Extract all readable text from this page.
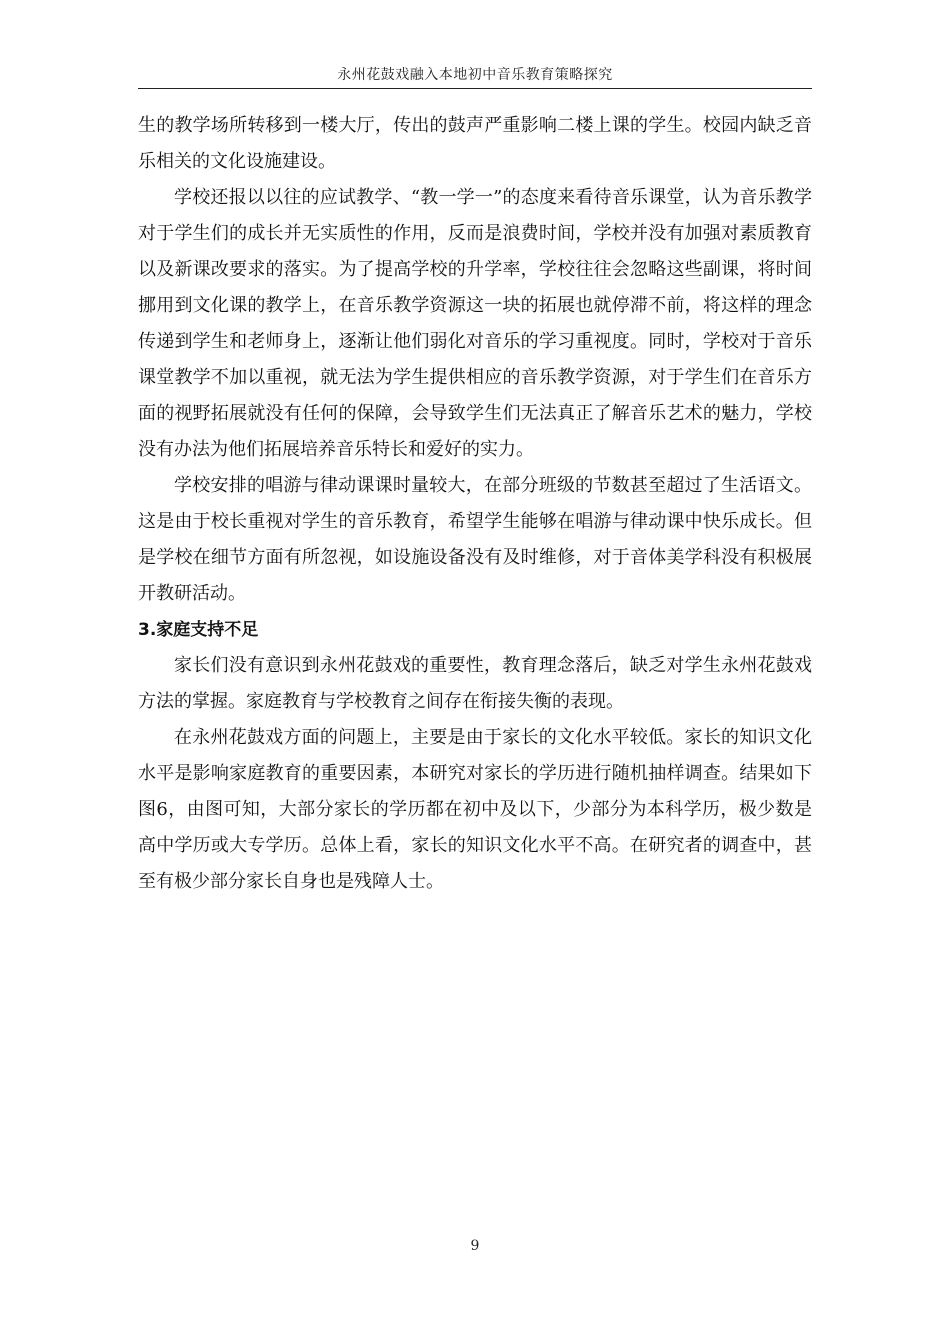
永州花鼓戏融入本地初中音乐教育策略探究

生的教学场所转移到一楼大厅，传出的鼓声严重影响二楼上课的学生。校园内缺乏音乐相关的文化设施建设。

学校还报以以往的应试教学、“教一学一”的态度来看待音乐课堂，认为音乐教学对于学生们的成长并无实质性的作用，反而是浪费时间，学校并没有加强对素质教育以及新课改要求的落实。为了提高学校的升学率，学校往往会忽略这些副课，将时间挪用到文化课的教学上，在音乐教学资源这一块的拓展也就停滞不前，将这样的理念传递到学生和老师身上，逐渐让他们弱化对音乐的学习重视度。同时，学校对于音乐课堂教学不加以重视，就无法为学生提供相应的音乐教学资源，对于学生们在音乐方面的视野拓展就没有任何的保障，会导致学生们无法真正了解音乐艺术的魅力，学校没有办法为他们拓展培养音乐特长和爱好的实力。

学校安排的唱游与律动课课时量较大，在部分班级的节数甚至超过了生活语文。这是由于校长重视对学生的音乐教育，希望学生能够在唱游与律动课中快乐成长。但是学校在细节方面有所忽视，如设施设备没有及时维修，对于音体美学科没有积极展开教研活动。

3.家庭支持不足

家长们没有意识到永州花鼓戏的重要性，教育理念落后，缺乏对学生永州花鼓戏方法的掌握。家庭教育与学校教育之间存在衔接失衡的表现。

在永州花鼓戏方面的问题上，主要是由于家长的文化水平较低。家长的知识文化水平是影响家庭教育的重要因素，本研究对家长的学历进行随机抽样调查。结果如下图6，由图可知，大部分家长的学历都在初中及以下，少部分为本科学历，极少数是高中学历或大专学历。总体上看，家长的知识文化水平不高。在研究者的调查中，甚至有极少部分家长自身也是残障人士。

9
